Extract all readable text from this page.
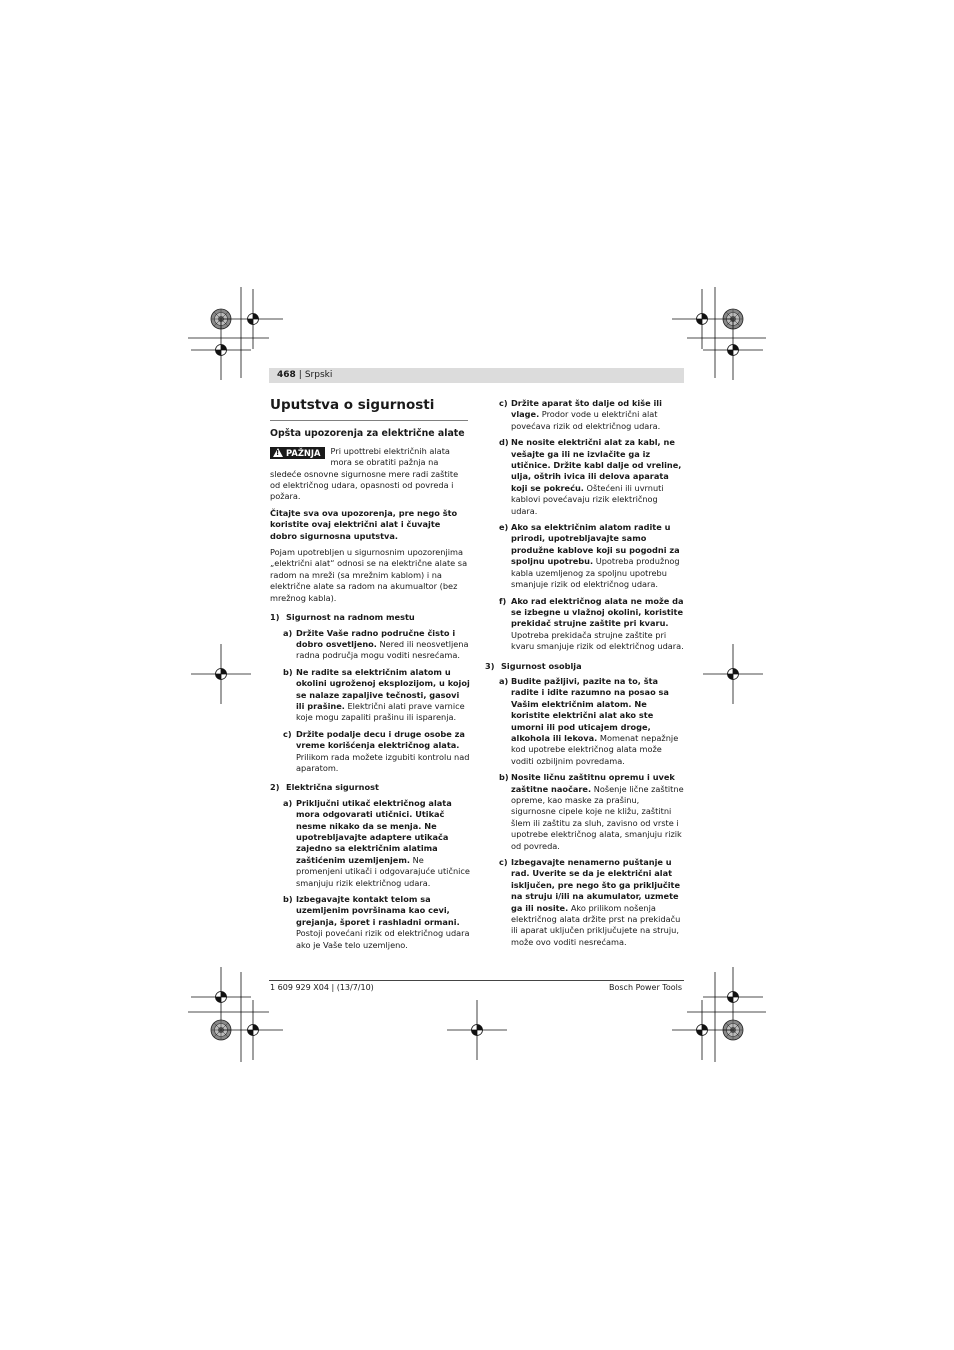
468 | Srpski
Uputstva o sigurnosti
Opšta upozorenja za električne alate
!PAŽNJA	Pri upottrebi električnih alata mora se obratiti pažnja na sledeće osnovne sigurnosne mere radi zaštite od električnog udara, opasnosti od povreda i požara.

Čitajte sva ova upozorenja, pre nego što koristite ovaj električni alat i čuvajte dobro sigurnosna uputstva.

Pojam upotrebljen u sigurnosnim upozorenjima „električni alat“ odnosi se na električne alate sa radom na mreži (sa mrežnim kablom) i na električne alate sa radom na akumualtor (bez mrežnog kabla).

1) Sigurnost na radnom mestu
a) Držite Vaše radno područne čisto i dobro osvetljeno. Nered ili neosvetljena radna područja mogu voditi nesrećama.
b) Ne radite sa električnim alatom u okolini ugroženoj eksplozijom, u kojoj se nalaze zapaljive tečnosti, gasovi ili prašine. Električni alati prave varnice koje mogu zapaliti prašinu ili isparenja.
c) Držite podalje decu i druge osobe za vreme korišćenja električnog alata. Prilikom rada možete izgubiti kontrolu nad aparatom.
2) Električna sigurnost
a) Priključni utikač električnog alata mora odgovarati utičnici. Utikač nesme nikako da se menja. Ne upotrebljavajte adaptere utikača zajedno sa električnim alatima zaštićenim uzemljenjem. Ne promenjeni utikači i odgovarajuće utičnice smanjuju rizik električnog udara.
b) Izbegavajte kontakt telom sa uzemljenim površinama kao cevi, grejanja, šporet i rashladni ormani. Postoji povećani rizik od električnog udara ako je Vaše telo uzemljeno.
c) Držite aparat što dalje od kiše ili vlage. Prodor vode u električni alat povećava rizik od električnog udara.
d) Ne nosite električni alat za kabl, ne vešajte ga ili ne izvlačite ga iz utičnice. Držite kabl dalje od vreline, ulja, oštrih ivica ili delova aparata koji se pokreću. Oštećeni ili uvrnuti kablovi povećavaju rizik električnog udara.
e) Ako sa električnim alatom radite u prirodi, upotrebljavajte samo produžne kablove koji su pogodni za spoljnu upotrebu. Upotreba produžnog kabla uzemljenog za spoljnu upotrebu smanjuje rizik od električnog udara.
f) Ako rad električnog alata ne može da se izbegne u vlažnoj okolini, koristite prekidač strujne zaštite pri kvaru. Upotreba prekidača strujne zaštite pri kvaru smanjuje rizik od električnog udara.
3) Sigurnost osoblja
a) Budite pažljivi, pazite na to, šta radite i idite razumno na posao sa Vašim električnim alatom. Ne koristite električni alat ako ste umorni ili pod uticajem droge, alkohola ili lekova. Momenat nepažnje kod upotrebe električnog alata može voditi ozbiljnim povredama.
b) Nosite ličnu zaštitnu opremu i uvek zaštitne naočare. Nošenje lične zaštitne opreme, kao maske za prašinu, sigurnosne cipele koje ne kližu, zaštitni šlem ili zaštitu za sluh, zavisno od vrste i upotrebe električnog alata, smanjuju rizik od povreda.
c) Izbegavajte nenamerno puštanje u rad. Uverite se da je električni alat isključen, pre nego što ga priključite na struju i/ili na akumulator, uzmete ga ili nosite. Ako prilikom nošenja električnog alata držite prst na prekidaču ili aparat uključen priključujete na struju, može ovo voditi nesrećama.
1 609 929 X04 | (13/7/10)	Bosch Power Tools
